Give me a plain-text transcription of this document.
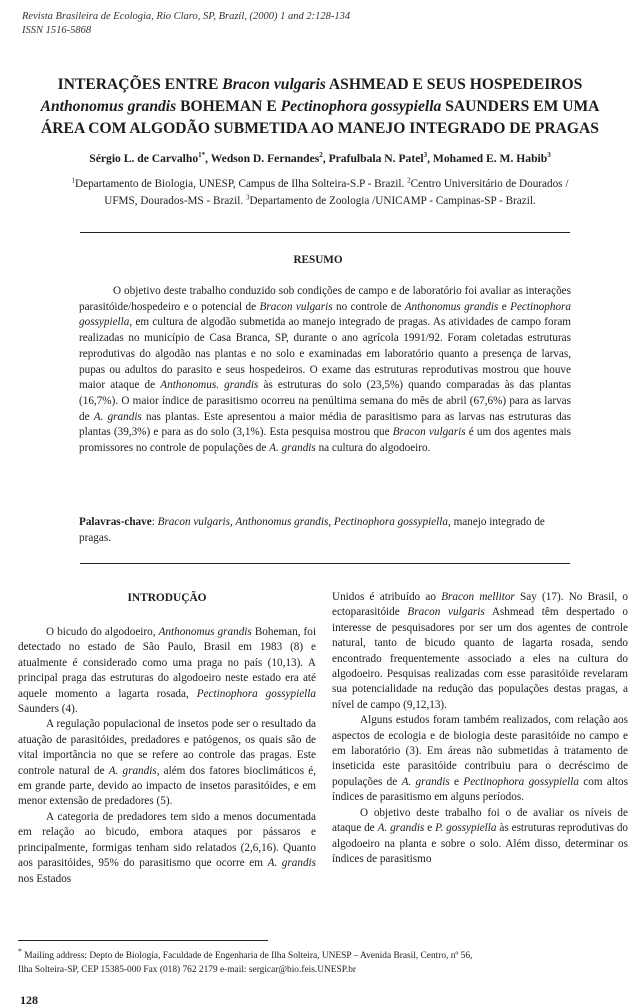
Revista Brasileira de Ecologia, Rio Claro, SP, Brazil, (2000) 1 and 2:128-134
ISSN 1516-5868
INTERAÇÕES ENTRE Bracon vulgaris ASHMEAD E SEUS HOSPEDEIROS
Anthonomus grandis BOHEMAN E Pectinophora gossypiella SAUNDERS EM UMA
ÁREA COM ALGODÃO SUBMETIDA AO MANEJO INTEGRADO DE PRAGAS
Sérgio L. de Carvalho$^{1*}$, Wedson D. Fernandes$^2$, Prafulbala N. Patel$^3$, Mohamed E. M. Habib$^3$
$^1$Departamento de Biologia, UNESP, Campus de Ilha Solteira-S.P - Brazil. $^2$Centro Universitário de Dourados /
UFMS, Dourados-MS - Brazil. $^3$Departamento de Zoologia /UNICAMP - Campinas-SP - Brazil.
RESUMO
O objetivo deste trabalho conduzido sob condições de campo e de laboratório foi avaliar as interações parasitóide/hospedeiro e o potencial de Bracon vulgaris no controle de Anthonomus grandis e Pectinophora gossypiella, em cultura de algodão submetida ao manejo integrado de pragas. As atividades de campo foram realizadas no município de Casa Branca, SP, durante o ano agrícola 1991/92. Foram coletadas estruturas reprodutivas do algodão nas plantas e no solo e examinadas em laboratório quanto a presença de larvas, pupas ou adultos do parasito e seus hospedeiros. O exame das estruturas reprodutivas mostrou que houve maior ataque de Anthonomus. grandis às estruturas do solo (23,5%) quando comparadas às das plantas (16,7%). O maior índice de parasitismo ocorreu na penúltima semana do mês de abril (67,6%) para as larvas de A. grandis nas plantas. Este apresentou a maior média de parasitismo para as larvas nas estruturas das plantas (39,3%) e para as do solo (3,1%). Esta pesquisa mostrou que Bracon vulgaris é um dos agentes mais promissores no controle de populações de A. grandis na cultura do algodoeiro.
Palavras-chave: Bracon vulgaris, Anthonomus grandis, Pectinophora gossypiella, manejo integrado de pragas.
INTRODUÇÃO

O bicudo do algodoeiro, Anthonomus grandis Boheman, foi detectado no estado de São Paulo, Brasil em 1983 (8) e atualmente é considerado como uma praga no país (10,13). A principal praga das estruturas do algodoeiro neste estado era até aquele momento a lagarta rosada, Pectinophora gossypiella Saunders (4).

A regulação populacional de insetos pode ser o resultado da atuação de parasitóides, predadores e patógenos, os quais são de vital importância no que se refere ao controle das pragas. Este controle natural de A. grandis, além dos fatores bioclimáticos é, em grande parte, devido ao impacto de insetos parasitóides, e em menor extensão de predadores (5).

A categoria de predadores tem sido a menos documentada em relação ao bicudo, embora ataques por pássaros e principalmente, formigas tenham sido relatados (2,6,16). Quanto aos parasitóides, 95% do parasitismo que ocorre em A. grandis nos Estados

Unidos é atribuído ao Bracon mellitor Say (17). No Brasil, o ectoparasitóide Bracon vulgaris Ashmead têm despertado o interesse de pesquisadores por ser um dos agentes de controle natural, tanto de bicudo quanto de lagarta rosada, sendo encontrado frequentemente associado a eles na cultura do algodoeiro. Pesquisas realizadas com esse parasitóide revelaram sua potencialidade na redução das populações destas pragas, a nível de campo (9,12,13).

Alguns estudos foram também realizados, com relação aos aspectos de ecologia e de biologia deste parasitóide no campo e em laboratório (3). Em áreas não submetidas à tratamento de inseticida este parasitóide contribuiu para o decréscimo de populações de A. grandis e Pectinophora gossypiella com altos índices de parasitismo em alguns períodos.

O objetivo deste trabalho foi o de avaliar os níveis de ataque de A. grandis e P. gossypiella às estruturas reprodutivas do algodoeiro na planta e sobre o solo. Além disso, determinar os índices de parasitismo

* Mailing address: Depto de Biologia, Faculdade de Engenharia de Ilha Solteira, UNESP – Avenida Brasil, Centro, nº 56,
Ilha Solteira-SP, CEP 15385-000 Fax (018) 762 2179 e-mail: sergicar@bio.feis.UNESP.br
128
